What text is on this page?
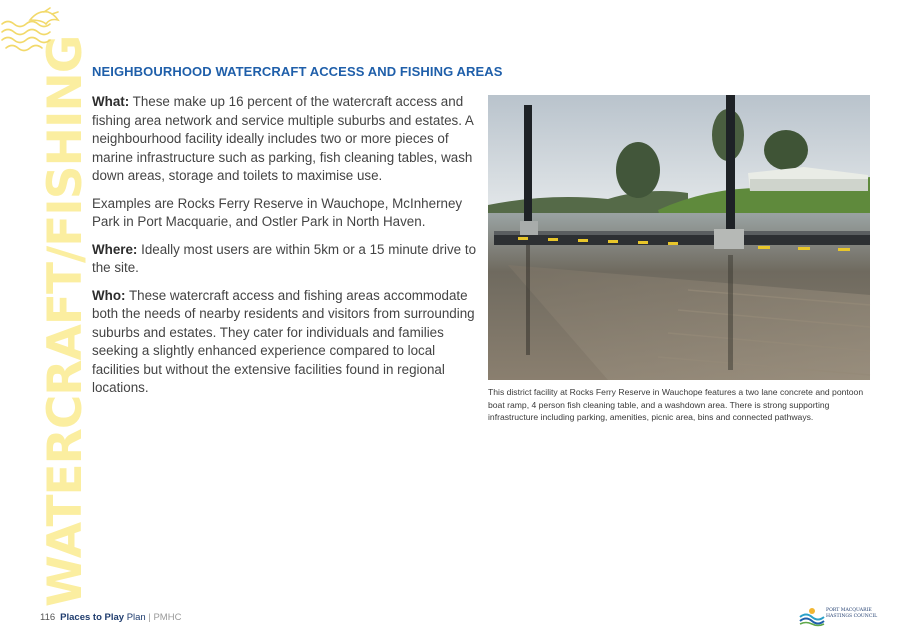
WATERCRAFT/FISHING NEIGHBOURHOOD WATERCRAFT ACCESS AND FISHING AREAS

What: These make up 16 percent of the watercraft access and fishing area network and service multiple suburbs and estates. A neighbourhood facility ideally includes two or more pieces of marine infrastructure such as parking, fish cleaning tables, wash down areas, storage and toilets to maximise use.

Examples are Rocks Ferry Reserve in Wauchope, McInherney Park in Port Macquarie, and Ostler Park in North Haven.

Where: Ideally most users are within 5km or a 15 minute drive to the site.

Who: These watercraft access and fishing areas accommodate both the needs of nearby residents and visitors from surrounding suburbs and estates. They cater for individuals and families seeking a slightly enhanced experience compared to local facilities but without the extensive facilities found in regional locations.	This district facility at Rocks Ferry Reserve in Wauchope features a two lane concrete and pontoon boat ramp, 4 person fish cleaning table, and a washdown area. There is strong supporting infrastructure including parking, amenities, picnic area, bins and connected pathways.
116 Places to Play Plan | PMHC
PORT MACQUARIE
HASTINGS COUNCIL
